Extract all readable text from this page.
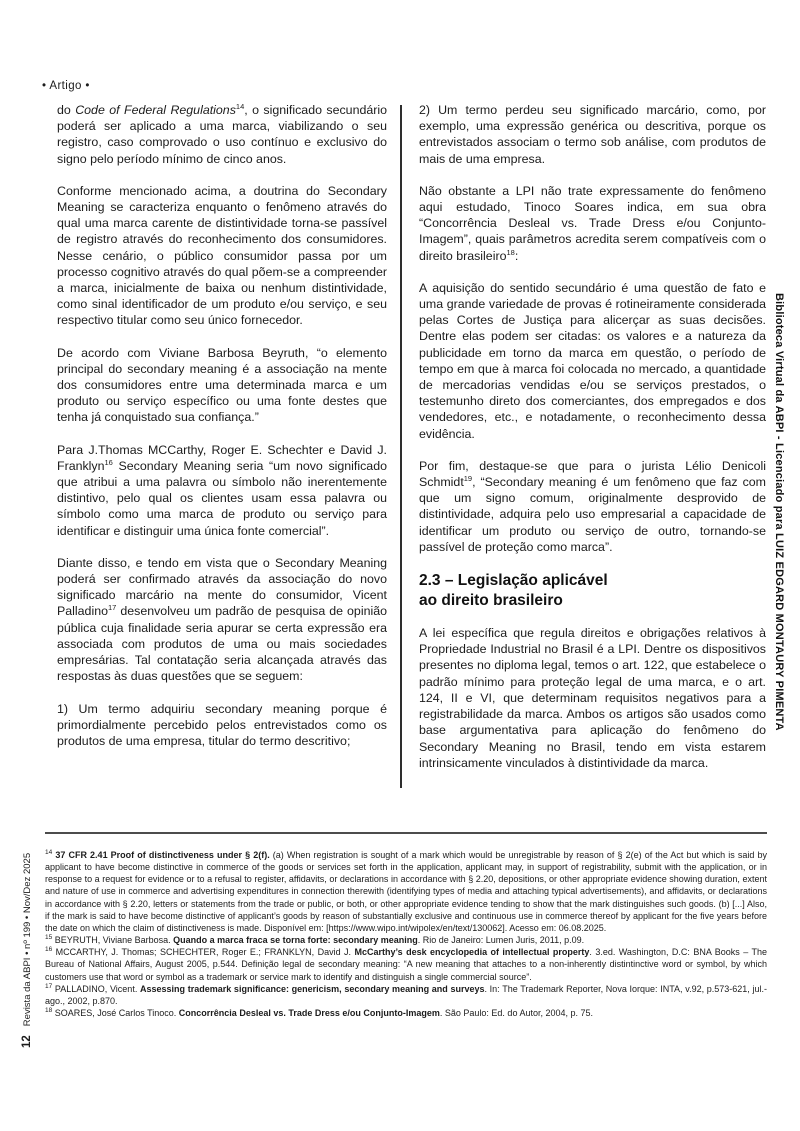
• Artigo •

do Code of Federal Regulations$^{14}$, o significado secundário poderá ser aplicado a uma marca, viabilizando o seu registro, caso comprovado o uso contínuo e exclusivo do signo pelo período mínimo de cinco anos.

Conforme mencionado acima, a doutrina do Secondary Meaning se caracteriza enquanto o fenômeno através do qual uma marca carente de distintividade torna-se passível de registro através do reconhecimento dos consumidores. Nesse cenário, o público consumidor passa por um processo cognitivo através do qual põem-se a compreender a marca, inicialmente de baixa ou nenhum distintividade, como sinal identificador de um produto e/ou serviço, e seu respectivo titular como seu único fornecedor.

De acordo com Viviane Barbosa Beyruth, “o elemento principal do secondary meaning é a associação na mente dos consumidores entre uma determinada marca e um produto ou serviço específico ou uma fonte destes que tenha já conquistado sua confiança.”

Para J.Thomas MCCarthy, Roger E. Schechter e David J. Franklyn$^{16}$ Secondary Meaning seria “um novo significado que atribui a uma palavra ou símbolo não inerentemente distintivo, pelo qual os clientes usam essa palavra ou símbolo como uma marca de produto ou serviço para identificar e distinguir uma única fonte comercial”.

Diante disso, e tendo em vista que o Secondary Meaning poderá ser confirmado através da associação do novo significado marcário na mente do consumidor, Vicent Palladino$^{17}$ desenvolveu um padrão de pesquisa de opinião pública cuja finalidade seria apurar se certa expressão era associada com produtos de uma ou mais sociedades empresárias. Tal contatação seria alcançada através das respostas às duas questões que se seguem:

1) Um termo adquiriu secondary meaning porque é primordialmente percebido pelos entrevistados como os produtos de uma empresa, titular do termo descritivo;

2) Um termo perdeu seu significado marcário, como, por exemplo, uma expressão genérica ou descritiva, porque os entrevistados associam o termo sob análise, com produtos de mais de uma empresa.

Não obstante a LPI não trate expressamente do fenômeno aqui estudado, Tinoco Soares indica, em sua obra “Concorrência Desleal vs. Trade Dress e/ou Conjunto-Imagem”, quais parâmetros acredita serem compatíveis com o direito brasileiro$^{18}$:

A aquisição do sentido secundário é uma questão de fato e uma grande variedade de provas é rotineiramente considerada pelas Cortes de Justiça para alicerçar as suas decisões. Dentre elas podem ser citadas: os valores e a natureza da publicidade em torno da marca em questão, o período de tempo em que à marca foi colocada no mercado, a quantidade de mercadorias vendidas e/ou se serviços prestados, o testemunho direto dos comerciantes, dos empregados e dos vendedores, etc., e notadamente, o reconhecimento dessa evidência.

Por fim, destaque-se que para o jurista Lélio Denicoli Schmidt$^{19}$, “Secondary meaning é um fenômeno que faz com que um signo comum, originalmente desprovido de distintividade, adquira pelo uso empresarial a capacidade de identificar um produto ou serviço de outro, tornando-se passível de proteção como marca”.

2.3 – Legislação aplicável
ao direito brasileiro

A lei específica que regula direitos e obrigações relativos à Propriedade Industrial no Brasil é a LPI. Dentre os dispositivos presentes no diploma legal, temos o art. 122, que estabelece o padrão mínimo para proteção legal de uma marca, e o art. 124, II e VI, que determinam requisitos negativos para a registrabilidade da marca. Ambos os artigos são usados como base argumentativa para aplicação do fenômeno do Secondary Meaning no Brasil, tendo em vista estarem intrinsicamente vinculados à distintividade da marca.

$^{14}$ 37 CFR 2.41 Proof of distinctiveness under § 2(f). (a) When registration is sought of a mark which would be unregistrable by reason of § 2(e) of the Act but which is said by applicant to have become distinctive in commerce of the goods or services set forth in the application, applicant may, in support of registrability, submit with the application, or in response to a request for evidence or to a refusal to register, affidavits, or declarations in accordance with § 2.20, depositions, or other appropriate evidence showing duration, extent and nature of use in commerce and advertising expenditures in connection therewith (identifying types of media and attaching typical advertisements), and affidavits, or declarations in accordance with § 2.20, letters or statements from the trade or public, or both, or other appropriate evidence tending to show that the mark distinguishes such goods. (b) [...] Also, if the mark is said to have become distinctive of applicant’s goods by reason of substantially exclusive and continuous use in commerce thereof by applicant for the five years before the date on which the claim of distinctiveness is made. Disponível em: [https://www.wipo.int/wipolex/en/text/130062]. Acesso em: 06.08.2025.

$^{15}$ BEYRUTH, Viviane Barbosa. Quando a marca fraca se torna forte: secondary meaning. Rio de Janeiro: Lumen Juris, 2011, p.09.

$^{16}$ MCCARTHY, J. Thomas; SCHECHTER, Roger E.; FRANKLYN, David J. McCarthy’s desk encyclopedia of intellectual property. 3.ed. Washington, D.C: BNA Books – The Bureau of National Affairs, August 2005, p.544. Definição legal de secondary meaning: “A new meaning that attaches to a non-inherently distintinctive word or symbol, by which customers use that word or symbol as a trademark or service mark to identify and distinguish a single commercial source”.

$^{17}$ PALLADINO, Vicent. Assessing trademark significance: genericism, secondary meaning and surveys. In: The Trademark Reporter, Nova Iorque: INTA, v.92, p.573-621, jul.-ago., 2002, p.870.

$^{18}$ SOARES, José Carlos Tinoco. Concorrência Desleal vs. Trade Dress e/ou Conjunto-Imagem. São Paulo: Ed. do Autor, 2004, p. 75.

12Revista da ABPI • nº 199 • Nov/Dez 2025
Biblioteca Virtual da ABPI - Licenciado para LUIZ EDGARD MONTAURY PIMENTA
